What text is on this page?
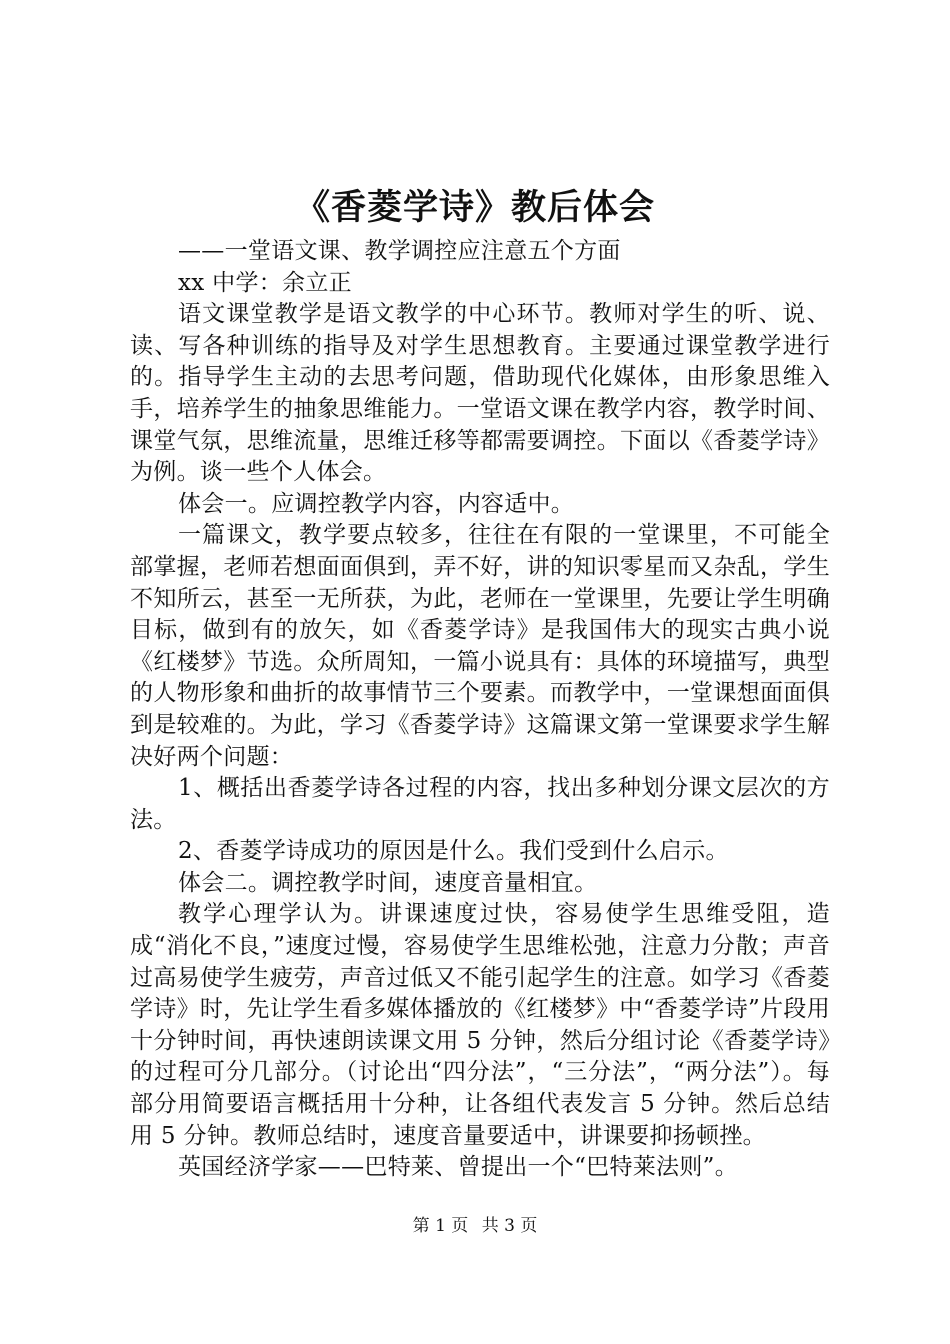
《香菱学诗》教后体会

——一堂语文课、教学调控应注意五个方面

xx 中学：余立正

语文课堂教学是语文教学的中心环节。教师对学生的听、说、读、写各种训练的指导及对学生思想教育。主要通过课堂教学进行的。指导学生主动的去思考问题，借助现代化媒体，由形象思维入手，培养学生的抽象思维能力。一堂语文课在教学内容，教学时间、课堂气氛，思维流量，思维迁移等都需要调控。下面以《香菱学诗》为例。谈一些个人体会。

体会一。应调控教学内容，内容适中。

一篇课文，教学要点较多，往往在有限的一堂课里，不可能全部掌握，老师若想面面俱到，弄不好，讲的知识零星而又杂乱，学生不知所云，甚至一无所获，为此，老师在一堂课里，先要让学生明确目标，做到有的放矢，如《香菱学诗》是我国伟大的现实古典小说《红楼梦》节选。众所周知，一篇小说具有：具体的环境描写，典型的人物形象和曲折的故事情节三个要素。而教学中，一堂课想面面俱到是较难的。为此，学习《香菱学诗》这篇课文第一堂课要求学生解决好两个问题：

1、概括出香菱学诗各过程的内容，找出多种划分课文层次的方法。

2、香菱学诗成功的原因是什么。我们受到什么启示。

体会二。调控教学时间，速度音量相宜。

教学心理学认为。讲课速度过快，容易使学生思维受阻，造成“消化不良，”速度过慢，容易使学生思维松弛，注意力分散；声音过高易使学生疲劳，声音过低又不能引起学生的注意。如学习《香菱学诗》时，先让学生看多媒体播放的《红楼梦》中“香菱学诗”片段用十分钟时间，再快速朗读课文用 5 分钟，然后分组讨论《香菱学诗》的过程可分几部分。（讨论出“四分法”，“三分法”，“两分法”）。每部分用简要语言概括用十分种，让各组代表发言 5 分钟。然后总结用 5 分钟。教师总结时，速度音量要适中，讲课要抑扬顿挫。

英国经济学家——巴特莱、曾提出一个“巴特莱法则”。

第 1 页 共 3 页
